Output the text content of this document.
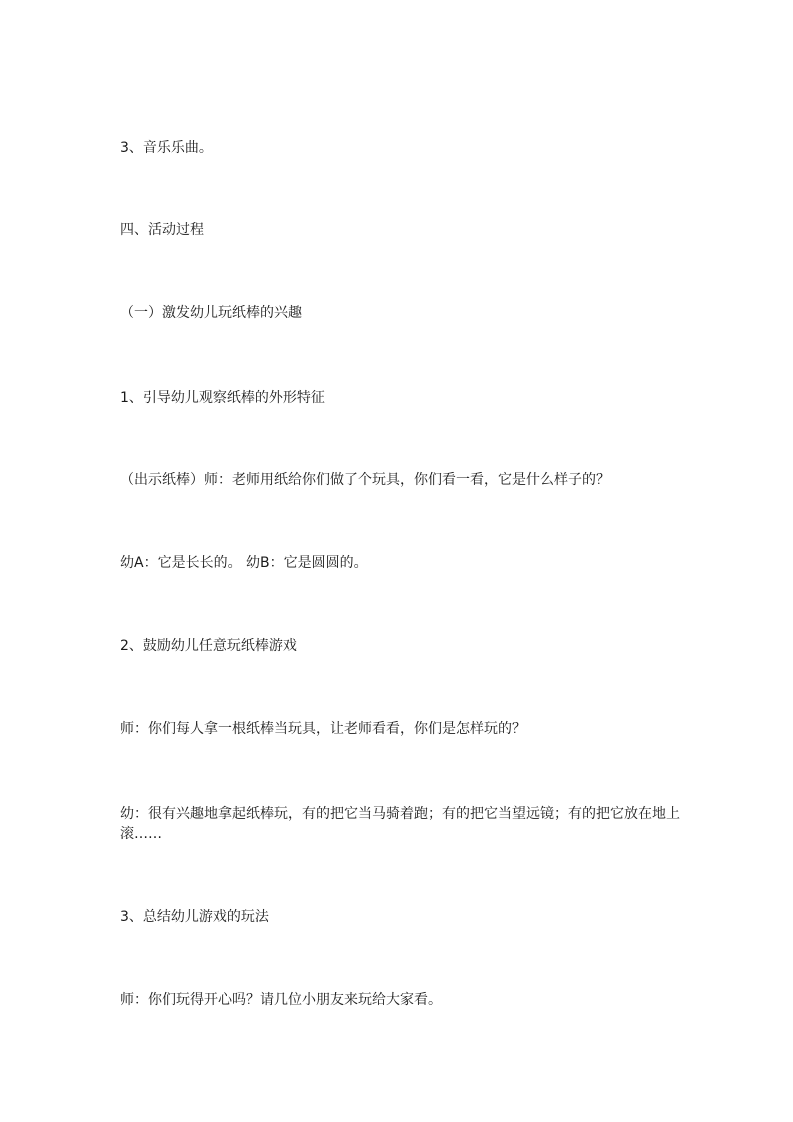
3、音乐乐曲。

四、活动过程

（一）激发幼儿玩纸棒的兴趣

1、引导幼儿观察纸棒的外形特征

（出示纸棒）师：老师用纸给你们做了个玩具，你们看一看，它是什么样子的？

幼A：它是长长的。 幼B：它是圆圆的。

2、鼓励幼儿任意玩纸棒游戏

师：你们每人拿一根纸棒当玩具，让老师看看，你们是怎样玩的？

幼：很有兴趣地拿起纸棒玩，有的把它当马骑着跑；有的把它当望远镜；有的把它放在地上滚……

3、总结幼儿游戏的玩法

师：你们玩得开心吗？请几位小朋友来玩给大家看。
